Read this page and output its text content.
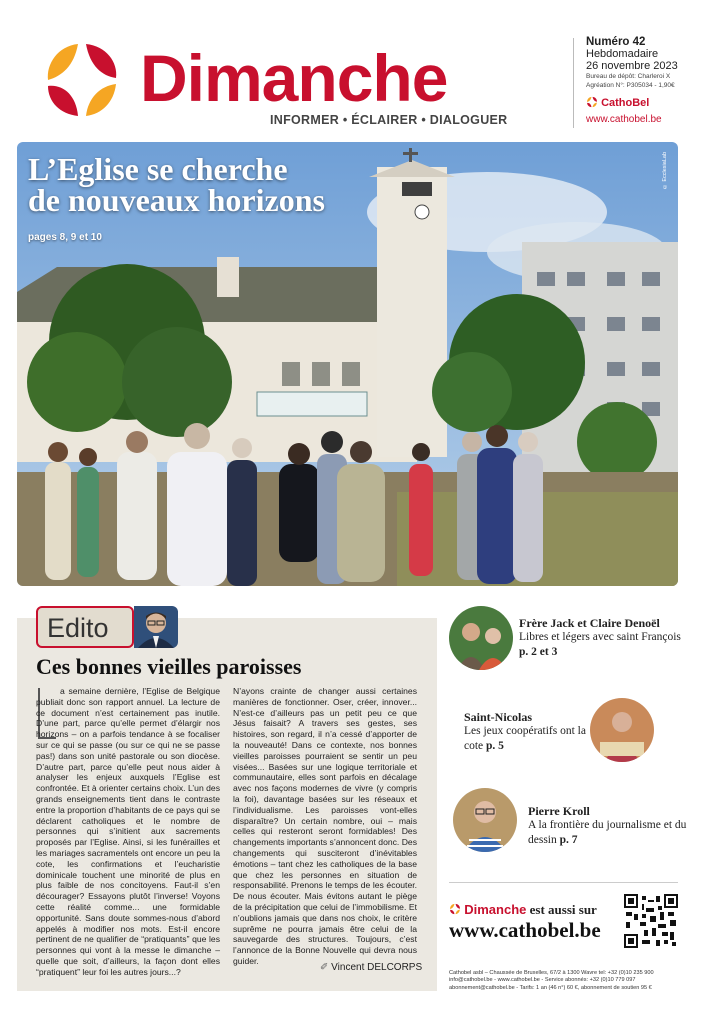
Dimanche
INFORMER • ÉCLAIRER • DIALOGUER
Numéro 42
Hebdomadaire
26 novembre 2023
Bureau de dépôt: Charleroi X
Agréation N°: P305034 - 1,90€
CathoBel
www.cathobel.be
L’Eglise se cherche
de nouveaux horizons
pages 8, 9 et 10
© EcclesiaLab
Edito
Ces bonnes vieilles paroisses
a semaine dernière, l’Eglise de Belgique publiait donc son rapport annuel. La lecture de ce document n’est certainement pas inutile. D’une part, parce qu’elle permet d’élargir nos horizons – on a parfois tendance à se focaliser sur ce qui se passe (ou sur ce qui ne se passe pas!) dans son unité pastorale ou son diocèse. D’autre part, parce qu’elle peut nous aider à analyser les enjeux auxquels l’Eglise est confrontée. Et à orienter certains choix. L’un des grands enseignements tient dans le contraste entre la proportion d’habitants de ce pays qui se déclarent catholiques et le nombre de personnes qui s’initient aux sacrements proposés par l’Eglise. Ainsi, si les funérailles et les mariages sacramentels ont encore un peu la cote, les confirmations et l’eucharistie dominicale touchent une minorité de plus en plus faible de nos concitoyens. Faut-il s’en décourager? Essayons plutôt l’inverse! Voyons cette réalité comme... une formidable opportunité. Sans doute sommes-nous d’abord appelés à modifier nos mots. Est-il encore pertinent de ne qualifier de “pratiquants” que les personnes qui vont à la messe le dimanche – quelle que soit, d’ailleurs, la façon dont elles “pratiquent” leur foi les autres jours...?
N’ayons crainte de changer aussi certaines manières de fonctionner. Oser, créer, innover... N’est-ce d’ailleurs pas un petit peu ce que Jésus faisait? A travers ses gestes, ses histoires, son regard, il n’a cessé d’apporter de la nouveauté! Dans ce contexte, nos bonnes vieilles paroisses pourraient se sentir un peu visées... Basées sur une logique territoriale et communautaire, elles sont parfois en décalage avec nos façons modernes de vivre (y compris la foi), davantage basées sur les réseaux et l’individualisme. Les paroisses vont-elles disparaître? Un certain nombre, oui – mais celles qui resteront seront formidables! Des changements importants s’annoncent donc. Des changements qui susciteront d’inévitables émotions – tant chez les catholiques de la base que chez les personnes en situation de responsabilité. Prenons le temps de les écouter. De nous écouter. Mais évitons autant le piège de la précipitation que celui de l’immobilisme. Et n’oublions jamais que dans nos choix, le critère suprême ne pourra jamais être celui de la sauvegarde des structures. Toujours, c’est l’annonce de la Bonne Nouvelle qui devra nous guider.
✐ Vincent DELCORPS
Frère Jack et Claire Denoël
Libres et légers avec saint François p. 2 et 3
Saint-Nicolas
Les jeux coopératifs ont la cote p. 5
Pierre Kroll
A la frontière du journalisme et du dessin p. 7
Dimanche est aussi sur
www.cathobel.be
Cathobel asbl – Chaussée de Bruxelles, 67/2 à 1300 Wavre tel: +32 (0)10 235 900 info@cathobel.be - www.cathobel.be - Service abonnés: +32 (0)10 779 097 abonnement@cathobel.be - Tarifs: 1 an (46 n°) 60 €, abonnement de soutien 95 €
